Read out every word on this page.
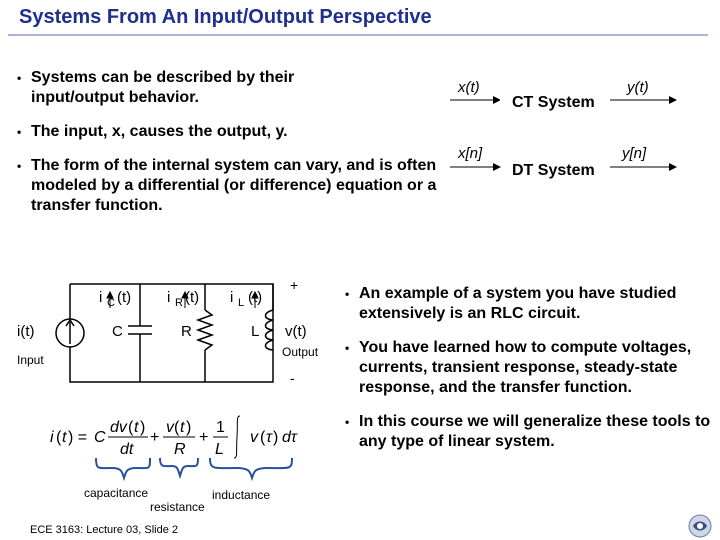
Systems From An Input/Output Perspective

• Systems can be described by their input/output behavior.

• The input, x, causes the output, y.

• The form of the internal system can vary, and is often modeled by a differential (or difference) equation or a transfer function.

x(t)
CT System
y(t)
x[n]
DT System
y[n]
i(t)
i C (t) i R (t) i L (t)
C	R	L
Input
Output
v(t)
+
-
i ( t ) = C
dv ( t )
dt
+
v ( t )
R
+
1
L
v ( τ ) dτ
capacitance	inductance
resistance

• An example of a system you have studied extensively is an RLC circuit.

• You have learned how to compute voltages, currents, transient response, steady-state response, and the transfer function.

• In this course we will generalize these tools to any type of linear system.

ECE 3163: Lecture 03, Slide 2
